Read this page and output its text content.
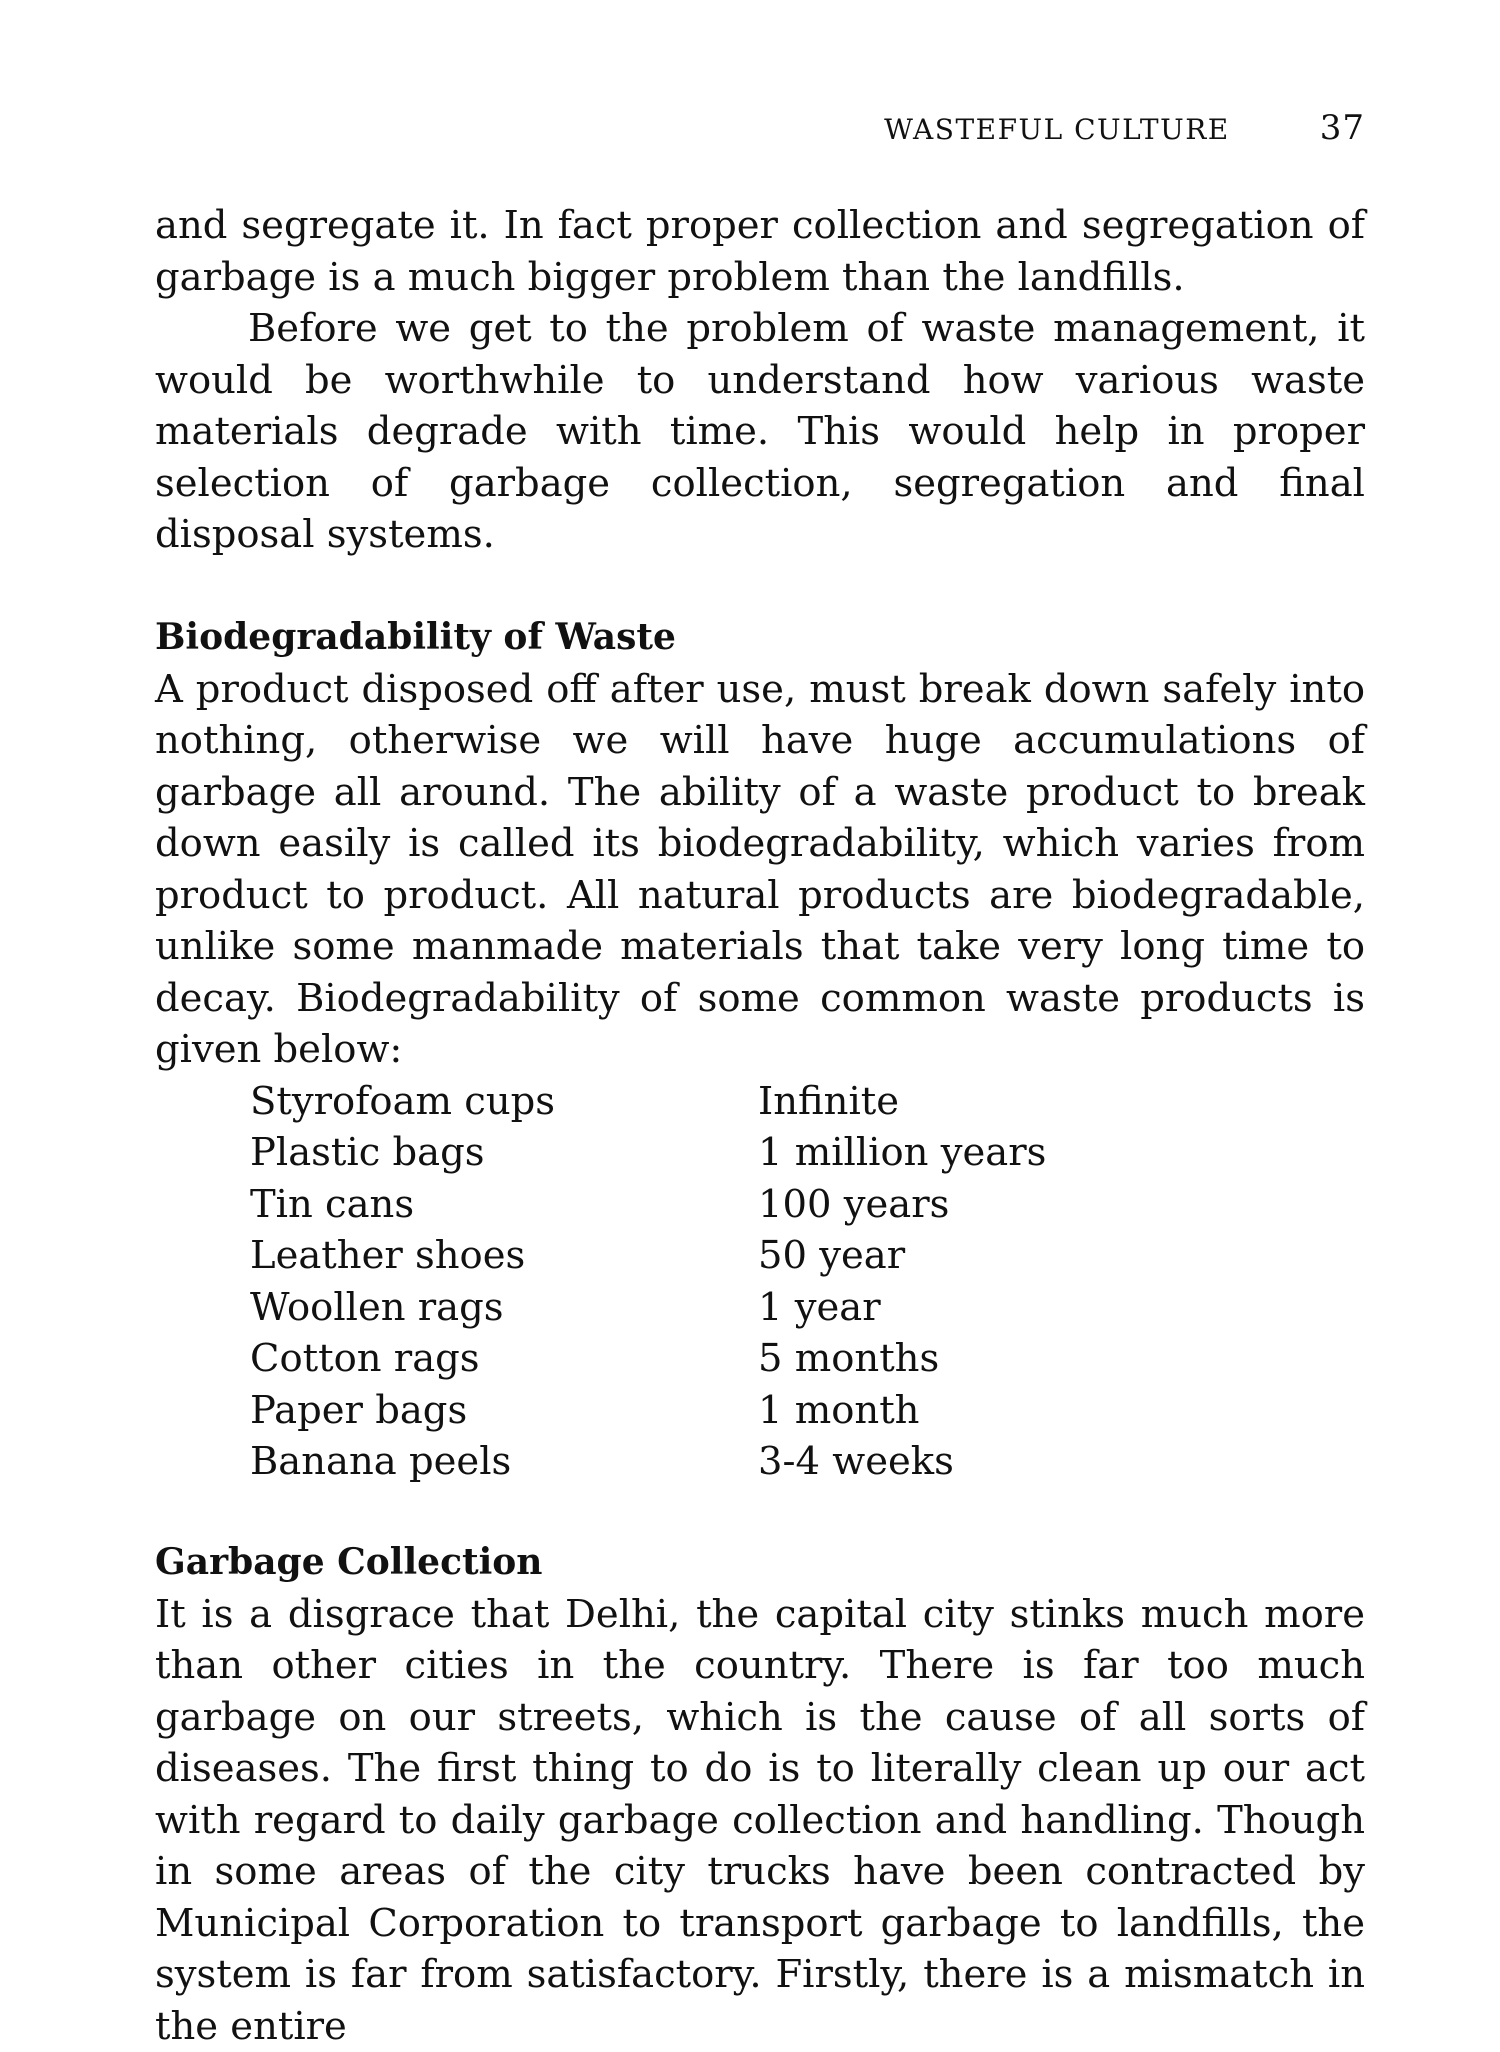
WASTEFUL CULTURE	37

and segregate it. In fact proper collection and segregation of garbage is a much bigger problem than the landfills.

Before we get to the problem of waste management, it would be worthwhile to understand how various waste materials degrade with time. This would help in proper selection of garbage collection, segregation and final disposal systems.

Biodegradability of Waste

A product disposed off after use, must break down safely into nothing, otherwise we will have huge accumulations of garbage all around. The ability of a waste product to break down easily is called its biodegradability, which varies from product to product. All natural products are biodegradable, unlike some manmade materials that take very long time to decay. Biodegradability of some common waste products is given below:

Styrofoam cups	Infinite
Plastic bags	1 million years
Tin cans	100 years
Leather shoes	50 year
Woollen rags	1 year
Cotton rags	5 months
Paper bags	1 month
Banana peels	3-4 weeks
Garbage Collection

It is a disgrace that Delhi, the capital city stinks much more than other cities in the country. There is far too much garbage on our streets, which is the cause of all sorts of diseases. The first thing to do is to literally clean up our act with regard to daily garbage collection and handling. Though in some areas of the city trucks have been contracted by Municipal Corporation to transport garbage to landfills, the system is far from satisfactory. Firstly, there is a mismatch in the entire
